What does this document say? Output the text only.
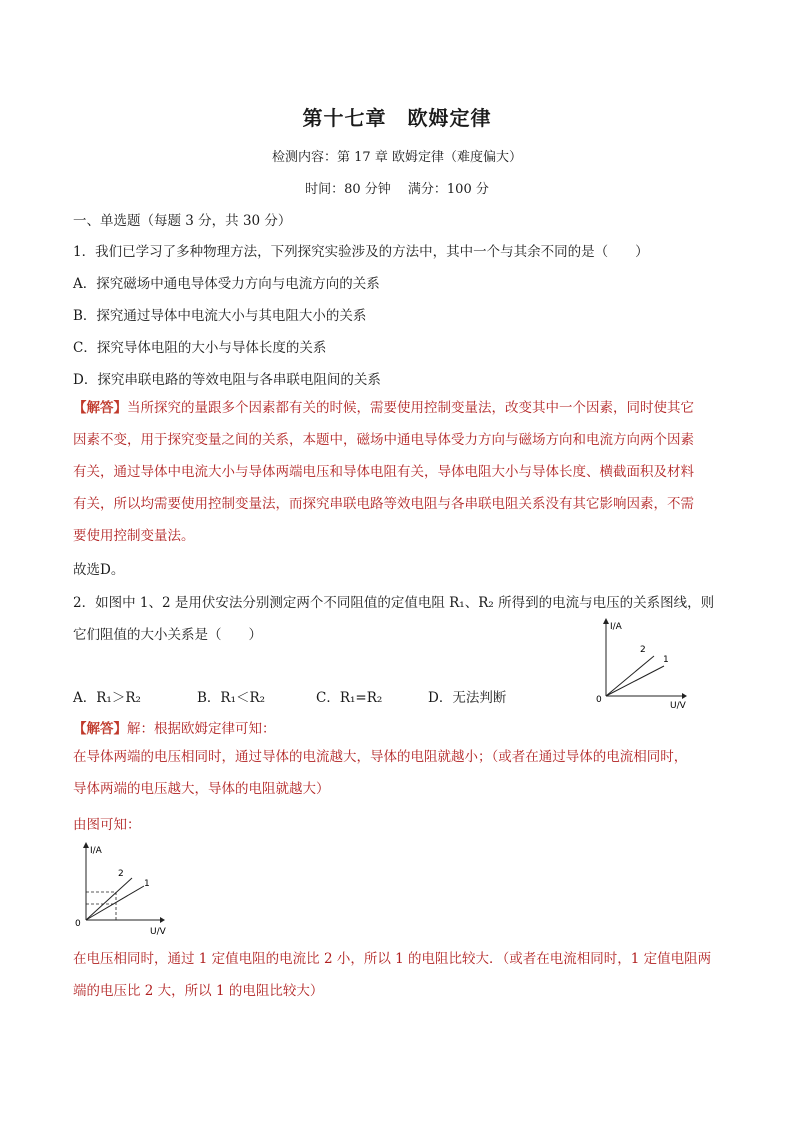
第十七章　欧姆定律
检测内容：第 17 章 欧姆定律（难度偏大）
时间：80 分钟　 满分：100 分
一、单选题（每题 3 分，共 30 分）
1．我们已学习了多种物理方法，下列探究实验涉及的方法中，其中一个与其余不同的是（　　）
A．探究磁场中通电导体受力方向与电流方向的关系
B．探究通过导体中电流大小与其电阻大小的关系
C．探究导体电阻的大小与导体长度的关系
D．探究串联电路的等效电阻与各串联电阻间的关系
【解答】当所探究的量跟多个因素都有关的时候，需要使用控制变量法，改变其中一个因素，同时使其它
因素不变，用于探究变量之间的关系，本题中，磁场中通电导体受力方向与磁场方向和电流方向两个因素
有关，通过导体中电流大小与导体两端电压和导体电阻有关，导体电阻大小与导体长度、横截面积及材料
有关，所以均需要使用控制变量法，而探究串联电路等效电阻与各串联电阻关系没有其它影响因素，不需
要使用控制变量法。
故选D。
2．如图中 1、2 是用伏安法分别测定两个不同阻值的定值电阻 R₁、R₂ 所得到的电流与电压的关系图线，则
它们阻值的大小关系是（　　）
A．R₁＞R₂	B．R₁＜R₂	C．R₁=R₂	D．无法判断
I/A
U/V
0
2
1
【解答】解：根据欧姆定律可知：
在导体两端的电压相同时，通过导体的电流越大，导体的电阻就越小；（或者在通过导体的电流相同时，
导体两端的电压越大，导体的电阻就越大）
由图可知：
I/A
U/V
0
2
1
在电压相同时，通过 1 定值电阻的电流比 2 小，所以 1 的电阻比较大．（或者在电流相同时，1 定值电阻两
端的电压比 2 大，所以 1 的电阻比较大）
